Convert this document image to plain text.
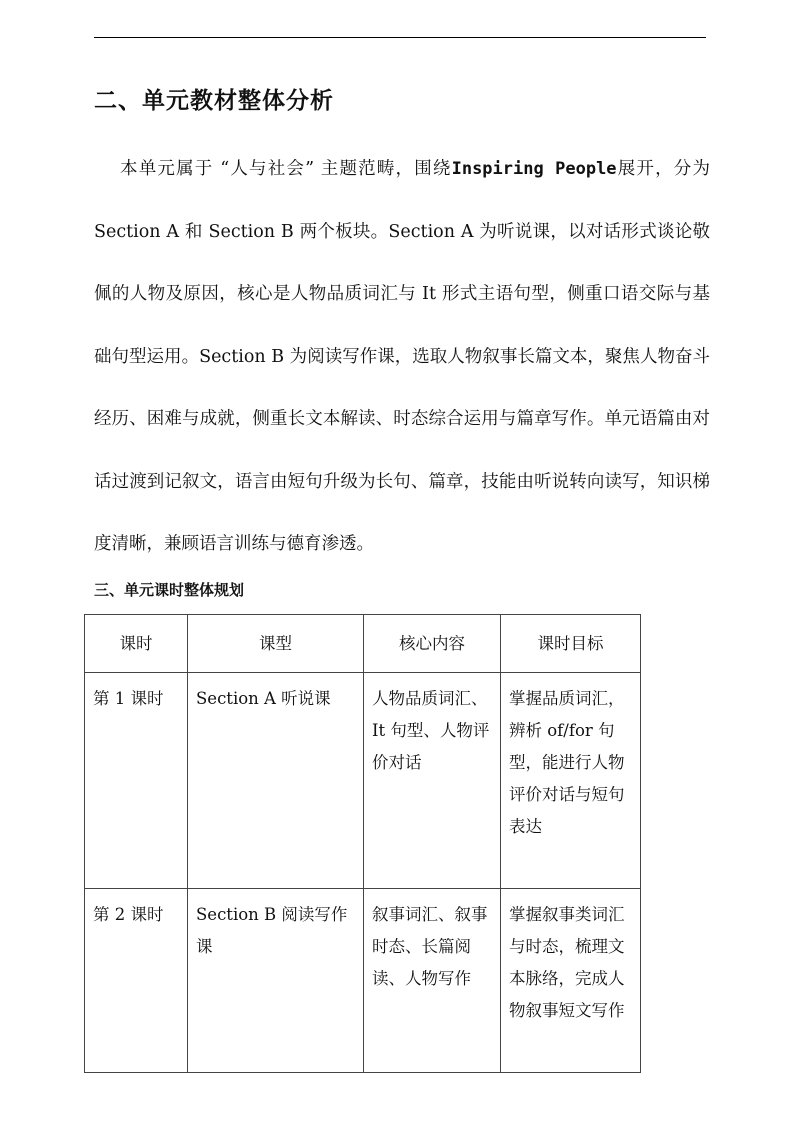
二、单元教材整体分析

本单元属于 “人与社会” 主题范畴，围绕Inspiring People展开，分为 Section A 和 Section B 两个板块。Section A 为听说课，以对话形式谈论敬佩的人物及原因，核心是人物品质词汇与 It 形式主语句型，侧重口语交际与基础句型运用。Section B 为阅读写作课，选取人物叙事长篇文本，聚焦人物奋斗经历、困难与成就，侧重长文本解读、时态综合运用与篇章写作。单元语篇由对话过渡到记叙文，语言由短句升级为长句、篇章，技能由听说转向读写，知识梯度清晰，兼顾语言训练与德育渗透。

三、单元课时整体规划
课时	课型	核心内容	课时目标
第 1 课时	Section A 听说课	人物品质词汇、It 句型、人物评价对话	掌握品质词汇，辨析 of/for 句型，能进行人物评价对话与短句表达
第 2 课时	Section B 阅读写作课	叙事词汇、叙事时态、长篇阅读、人物写作	掌握叙事类词汇与时态，梳理文本脉络，完成人物叙事短文写作
